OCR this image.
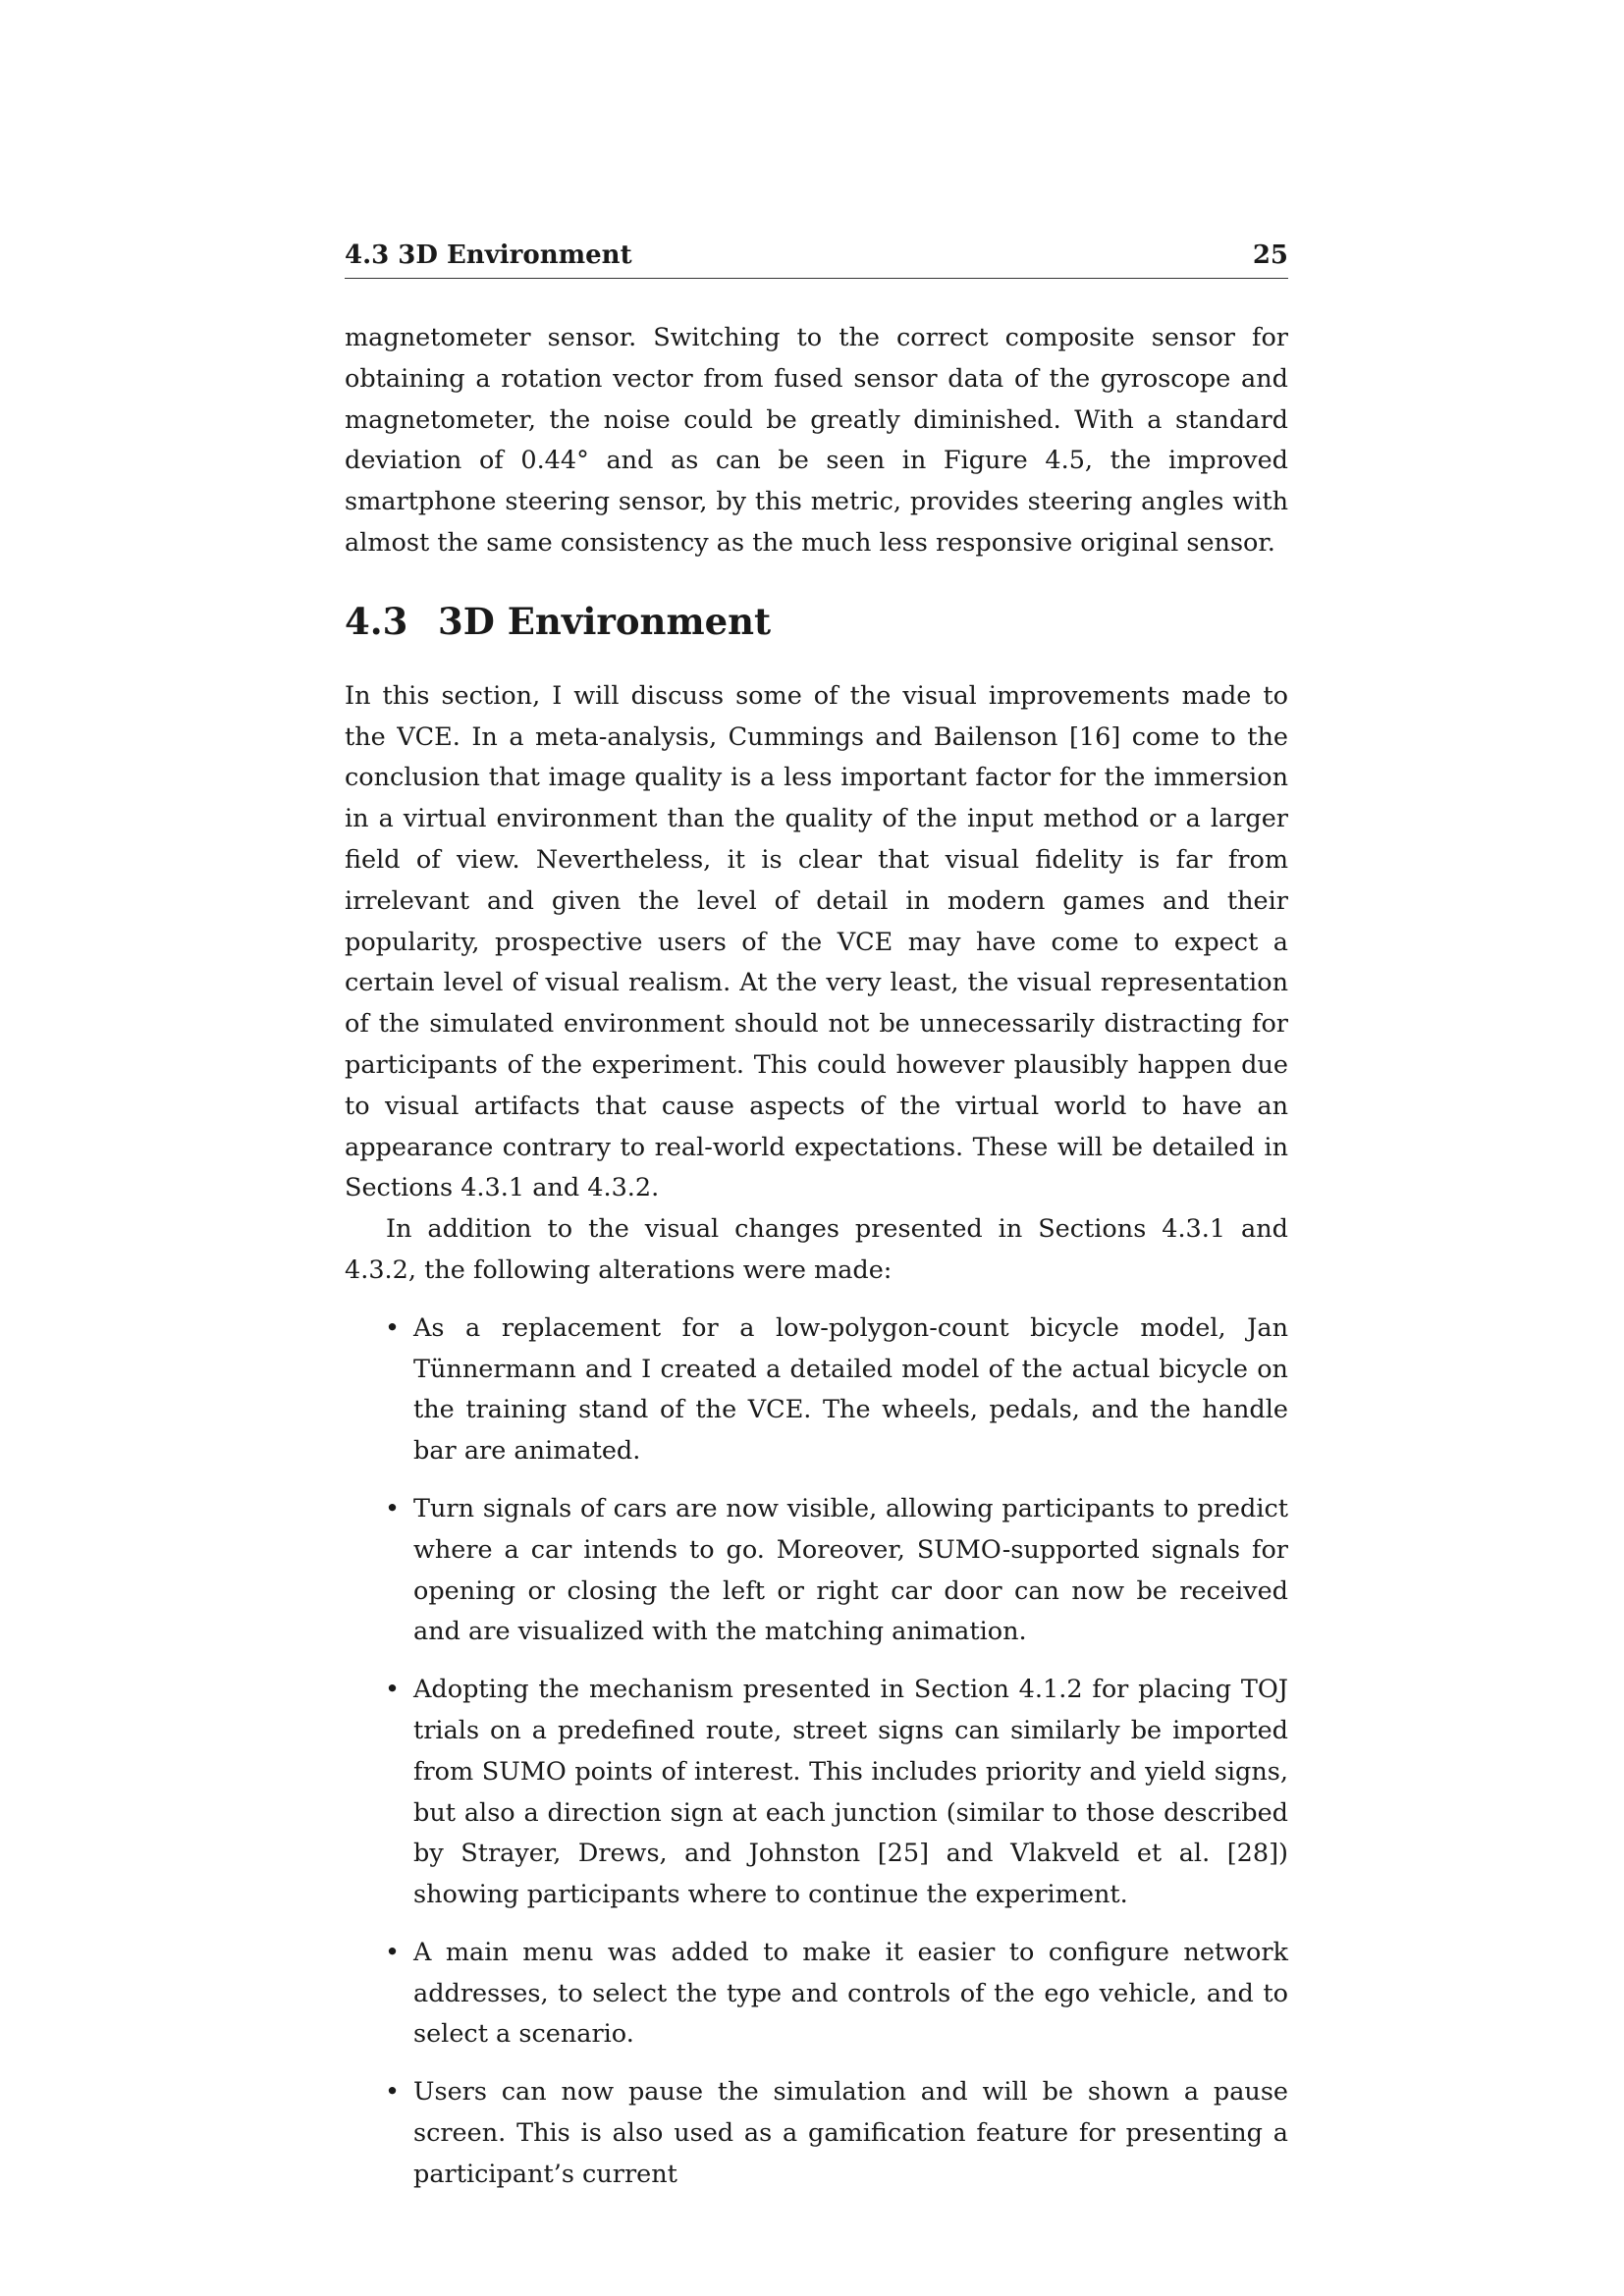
4.3 3D Environment	25

magnetometer sensor. Switching to the correct composite sensor for obtaining a rotation vector from fused sensor data of the gyroscope and magnetometer, the noise could be greatly diminished. With a standard deviation of 0.44° and as can be seen in Figure 4.5, the improved smartphone steering sensor, by this metric, provides steering angles with almost the same consistency as the much less responsive original sensor.

4.3 3D Environment

In this section, I will discuss some of the visual improvements made to the VCE. In a meta-analysis, Cummings and Bailenson [16] come to the conclusion that image quality is a less important factor for the immersion in a virtual environment than the quality of the input method or a larger field of view. Nevertheless, it is clear that visual fidelity is far from irrelevant and given the level of detail in modern games and their popularity, prospective users of the VCE may have come to expect a certain level of visual realism. At the very least, the visual representation of the simulated environment should not be unnecessarily distracting for participants of the experiment. This could however plausibly happen due to visual artifacts that cause aspects of the virtual world to have an appearance contrary to real-world expectations. These will be detailed in Sections 4.3.1 and 4.3.2.

In addition to the visual changes presented in Sections 4.3.1 and 4.3.2, the following alterations were made:

• As a replacement for a low-polygon-count bicycle model, Jan Tünnermann and I created a detailed model of the actual bicycle on the training stand of the VCE. The wheels, pedals, and the handle bar are animated.
• Turn signals of cars are now visible, allowing participants to predict where a car intends to go. Moreover, SUMO-supported signals for opening or closing the left or right car door can now be received and are visualized with the matching animation.
• Adopting the mechanism presented in Section 4.1.2 for placing TOJ trials on a predefined route, street signs can similarly be imported from SUMO points of interest. This includes priority and yield signs, but also a direction sign at each junction (similar to those described by Strayer, Drews, and Johnston [25] and Vlakveld et al. [28]) showing participants where to continue the experiment.
• A main menu was added to make it easier to configure network addresses, to select the type and controls of the ego vehicle, and to select a scenario.
• Users can now pause the simulation and will be shown a pause screen. This is also used as a gamification feature for presenting a participant’s current
